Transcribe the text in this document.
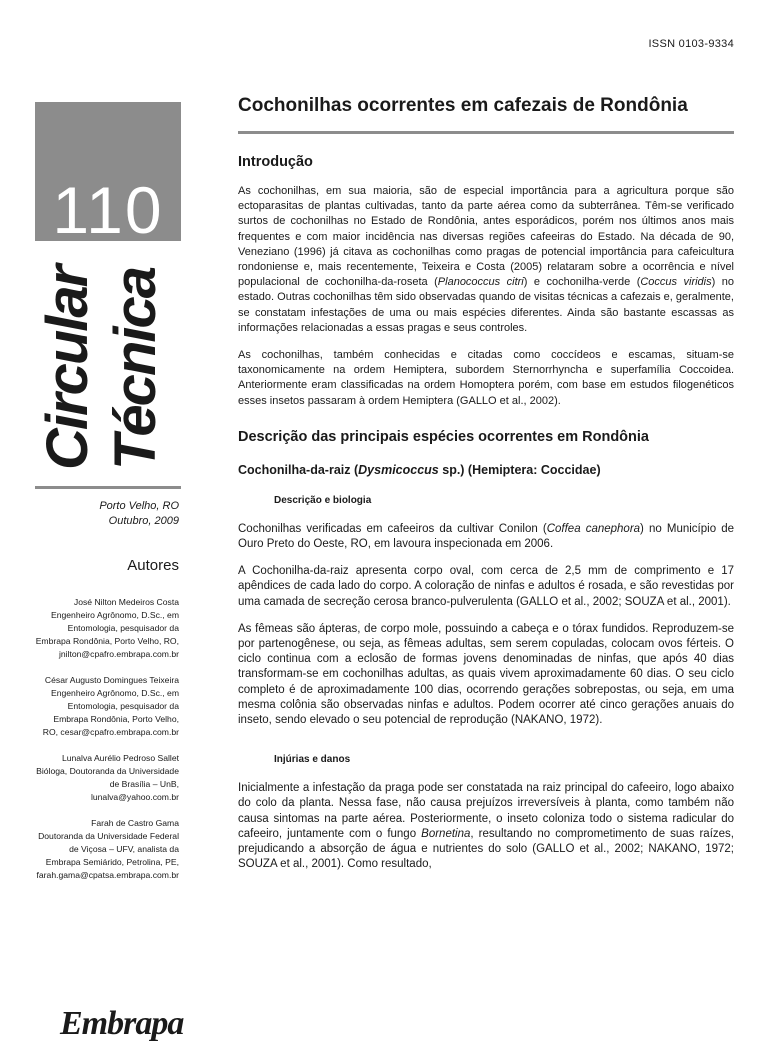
ISSN 0103-9334
110
Circular Técnica
Porto Velho, RO
Outubro, 2009
Autores
José Nilton Medeiros Costa
Engenheiro Agrônomo, D.Sc., em
Entomologia, pesquisador da
Embrapa Rondônia, Porto Velho, RO,
jnilton@cpafro.embrapa.com.br
César Augusto Domingues Teixeira
Engenheiro Agrônomo, D.Sc., em
Entomologia, pesquisador da
Embrapa Rondônia, Porto Velho,
RO, cesar@cpafro.embrapa.com.br
Lunalva Aurélio Pedroso Sallet
Bióloga, Doutoranda da Universidade
de Brasília – UnB,
lunalva@yahoo.com.br
Farah de Castro Gama
Doutoranda da Universidade Federal
de Viçosa – UFV, analista da
Embrapa Semiárido, Petrolina, PE,
farah.gama@cpatsa.embrapa.com.br
Embrapa
Cochonilhas ocorrentes em cafezais de Rondônia
Introdução

As cochonilhas, em sua maioria, são de especial importância para a agricultura porque são ectoparasitas de plantas cultivadas, tanto da parte aérea como da subterrânea. Têm-se verificado surtos de cochonilhas no Estado de Rondônia, antes esporádicos, porém nos últimos anos mais frequentes e com maior incidência nas diversas regiões cafeeiras do Estado. Na década de 90, Veneziano (1996) já citava as cochonilhas como pragas de potencial importância para cafeicultura rondoniense e, mais recentemente, Teixeira e Costa (2005) relataram sobre a ocorrência e nível populacional de cochonilha-da-roseta (Planococcus citri) e cochonilha-verde (Coccus viridis) no estado. Outras cochonilhas têm sido observadas quando de visitas técnicas a cafezais e, geralmente, se constatam infestações de uma ou mais espécies diferentes. Ainda são bastante escassas as informações relacionadas a essas pragas e seus controles.

As cochonilhas, também conhecidas e citadas como coccídeos e escamas, situam-se taxonomicamente na ordem Hemiptera, subordem Sternorrhyncha e superfamília Coccoidea. Anteriormente eram classificadas na ordem Homoptera porém, com base em estudos filogenéticos esses insetos passaram à ordem Hemiptera (GALLO et al., 2002).

Descrição das principais espécies ocorrentes em Rondônia
Cochonilha-da-raiz (Dysmicoccus sp.) (Hemiptera: Coccidae)
Descrição e biologia

Cochonilhas verificadas em cafeeiros da cultivar Conilon (Coffea canephora) no Município de Ouro Preto do Oeste, RO, em lavoura inspecionada em 2006.

A Cochonilha-da-raiz apresenta corpo oval, com cerca de 2,5 mm de comprimento e 17 apêndices de cada lado do corpo. A coloração de ninfas e adultos é rosada, e são revestidas por uma camada de secreção cerosa branco-pulverulenta (GALLO et al., 2002; SOUZA et al., 2001).

As fêmeas são ápteras, de corpo mole, possuindo a cabeça e o tórax fundidos. Reproduzem-se por partenogênese, ou seja, as fêmeas adultas, sem serem copuladas, colocam ovos férteis. O ciclo continua com a eclosão de formas jovens denominadas de ninfas, que após 40 dias transformam-se em cochonilhas adultas, as quais vivem aproximadamente 60 dias. O seu ciclo completo é de aproximadamente 100 dias, ocorrendo gerações sobrepostas, ou seja, em uma mesma colônia são observadas ninfas e adultos. Podem ocorrer até cinco gerações anuais do inseto, sendo elevado o seu potencial de reprodução (NAKANO, 1972).

Injúrias e danos

Inicialmente a infestação da praga pode ser constatada na raiz principal do cafeeiro, logo abaixo do colo da planta. Nessa fase, não causa prejuízos irreversíveis à planta, como também não causa sintomas na parte aérea. Posteriormente, o inseto coloniza todo o sistema radicular do cafeeiro, juntamente com o fungo Bornetina, resultando no comprometimento de suas raízes, prejudicando a absorção de água e nutrientes do solo (GALLO et al., 2002; NAKANO, 1972; SOUZA et al., 2001). Como resultado,
